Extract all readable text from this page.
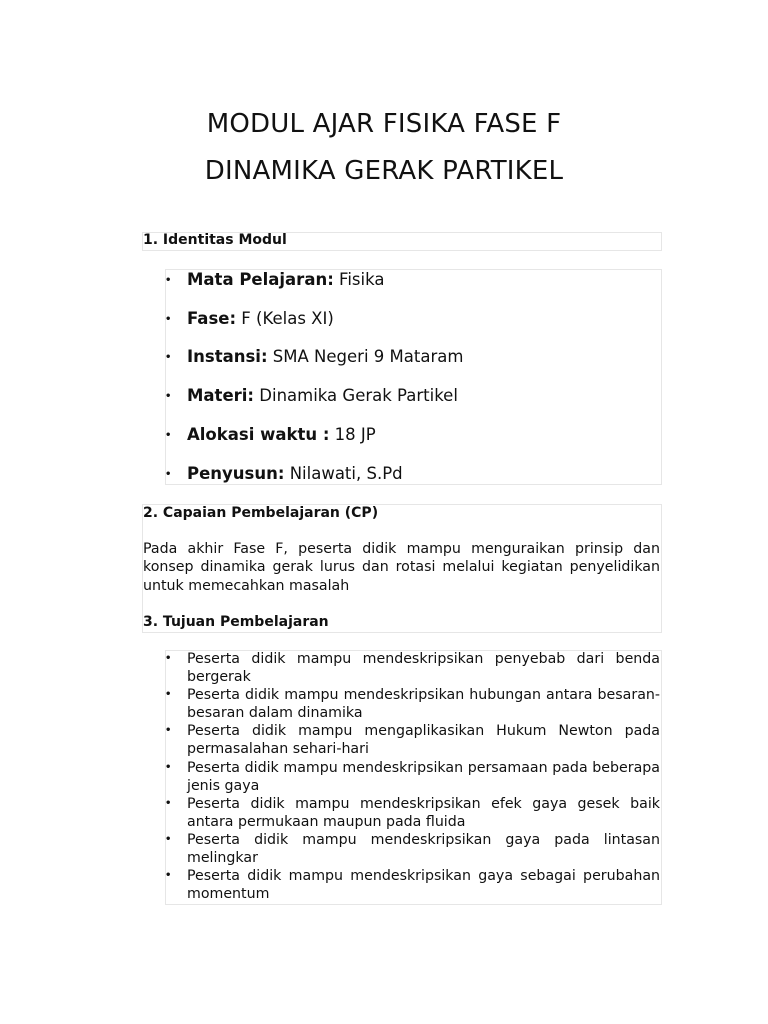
MODUL AJAR FISIKA FASE F
DINAMIKA GERAK PARTIKEL
1. Identitas Modul
• Mata Pelajaran: Fisika
• Fase: F (Kelas XI)
• Instansi: SMA Negeri 9 Mataram
• Materi: Dinamika Gerak Partikel
• Alokasi waktu : 18 JP
• Penyusun: Nilawati, S.Pd
2. Capaian Pembelajaran (CP)

Pada akhir Fase F, peserta didik mampu menguraikan prinsip dan konsep dinamika gerak lurus dan rotasi melalui kegiatan penyelidikan untuk memecahkan masalah

3. Tujuan Pembelajaran
• Peserta didik mampu mendeskripsikan penyebab dari benda bergerak
• Peserta didik mampu mendeskripsikan hubungan antara besaran-besaran dalam dinamika
• Peserta didik mampu mengaplikasikan Hukum Newton pada permasalahan sehari-hari
• Peserta didik mampu mendeskripsikan persamaan pada beberapa jenis gaya
• Peserta didik mampu mendeskripsikan efek gaya gesek baik antara permukaan maupun pada fluida
• Peserta didik mampu mendeskripsikan gaya pada lintasan melingkar
• Peserta didik mampu mendeskripsikan gaya sebagai perubahan momentum
